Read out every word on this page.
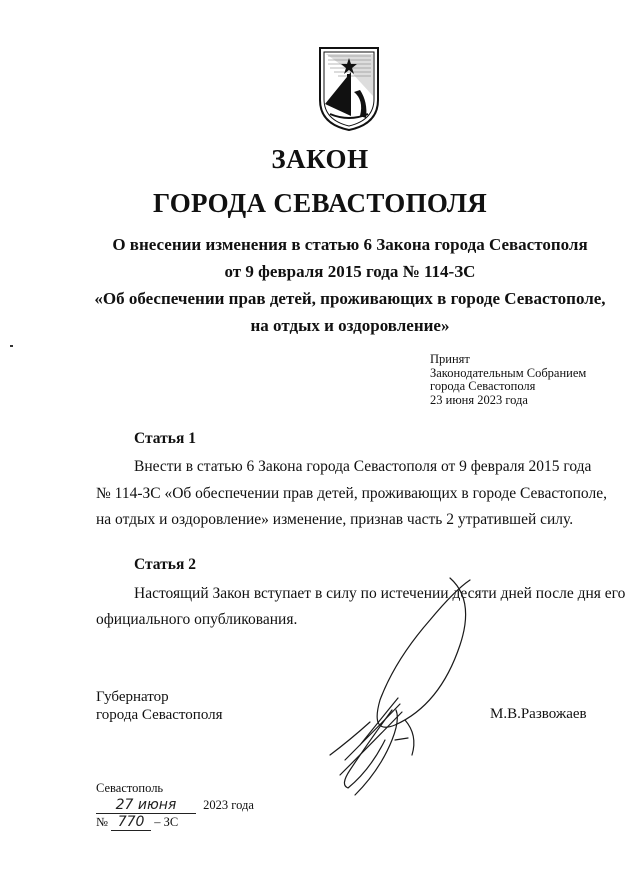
ЗАКОН
ГОРОДА СЕВАСТОПОЛЯ
О внесении изменения в статью 6 Закона города Севастополя
от 9 февраля 2015 года № 114-ЗС
«Об обеспечении прав детей, проживающих в городе Севастополе,
на отдых и оздоровление»
Принят
Законодательным Собранием
города Севастополя
23 июня 2023 года
Статья 1
Внести в статью 6 Закона города Севастополя от 9 февраля 2015 года
№ 114-ЗС «Об обеспечении прав детей, проживающих в городе Севастополе,
на отдых и оздоровление» изменение, признав часть 2 утратившей силу.
Статья 2
Настоящий Закон вступает в силу по истечении десяти дней после дня его
официального опубликования.
Губернатор
города Севастополя	М.В.Развожаев
Севастополь
27 июня 2023 года
№ 770 – ЗС
